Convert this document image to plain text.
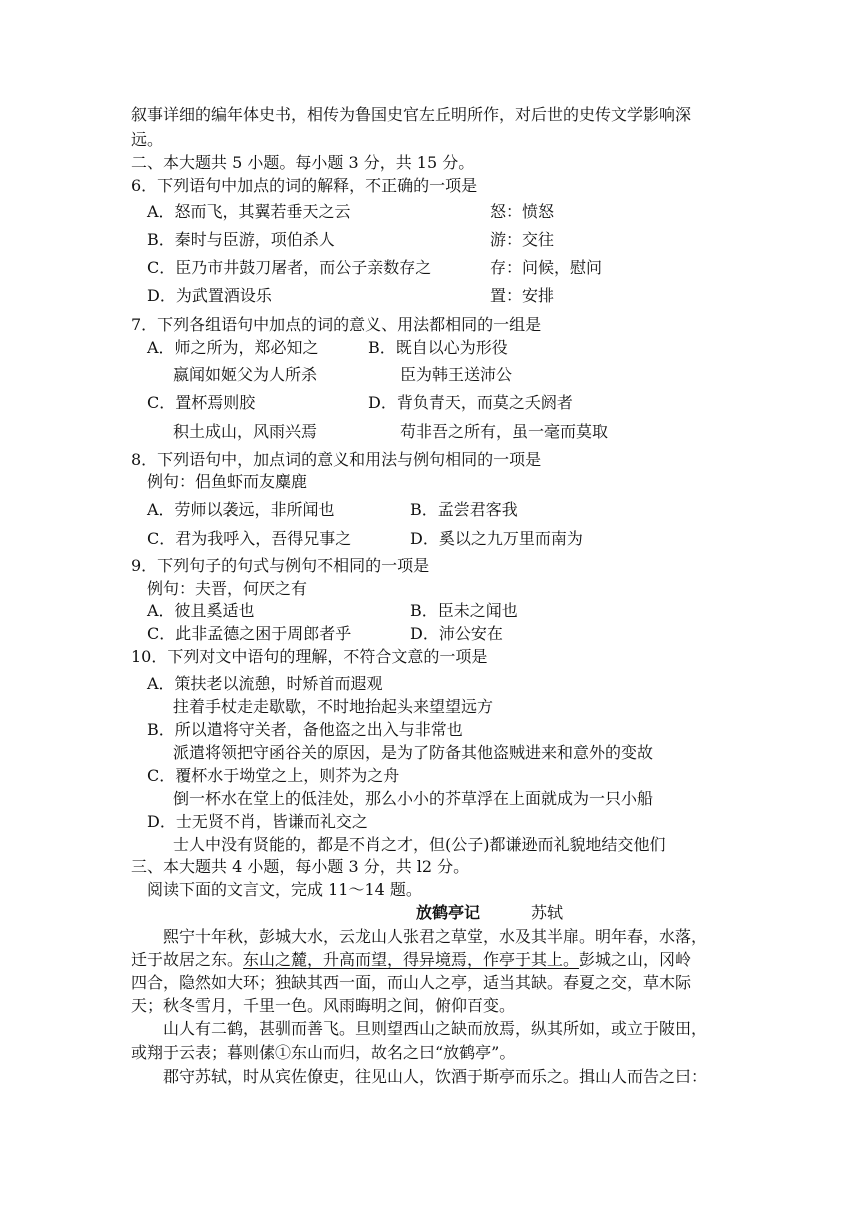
叙事详细的编年体史书，相传为鲁国史官左丘明所作，对后世的史传文学影响深
远。
二、本大题共 5 小题。每小题 3 分，共 15 分。
6．下列语句中加点的词的解释，不正确的一项是
A．怒而飞，其翼若垂天之云	怒：愤怒
B．秦时与臣游，项伯杀人	游：交往
C．臣乃市井鼓刀屠者，而公子亲数存之	存：问候，慰问
D．为武置酒设乐	置：安排
7．下列各组语句中加点的词的意义、用法都相同的一组是
A．师之所为，郑必知之	B．既自以心为形役
嬴闻如姬父为人所杀	臣为韩王送沛公
C．置杯焉则胶	D．背负青天，而莫之夭阏者
积土成山，风雨兴焉	苟非吾之所有，虽一毫而莫取
8．下列语句中，加点词的意义和用法与例句相同的一项是
例句：侣鱼虾而友麋鹿
A．劳师以袭远，非所闻也	B．孟尝君客我
C．君为我呼入，吾得兄事之	D．奚以之九万里而南为
9．下列句子的句式与例句不相同的一项是
例句：夫晋，何厌之有
A．彼且奚适也	B．臣未之闻也
C．此非孟德之困于周郎者乎	D．沛公安在
10．下列对文中语句的理解，不符合文意的一项是
A．策扶老以流憩，时矫首而遐观
拄着手杖走走歇歇，不时地抬起头来望望远方
B．所以遣将守关者，备他盗之出入与非常也
派遣将领把守函谷关的原因，是为了防备其他盗贼进来和意外的变故
C．覆杯水于坳堂之上，则芥为之舟
倒一杯水在堂上的低洼处，那么小小的芥草浮在上面就成为一只小船
D．士无贤不肖，皆谦而礼交之
士人中没有贤能的，都是不肖之才，但(公子)都谦逊而礼貌地结交他们
三、本大题共 4 小题，每小题 3 分，共 l2 分。
阅读下面的文言文，完成 11～14 题。
放鹤亭记	苏轼
熙宁十年秋，彭城大水，云龙山人张君之草堂，水及其半扉。明年春，水落，
迁于故居之东。东山之麓，升高而望，得异境焉，作亭于其上。彭城之山，冈岭
四合，隐然如大环；独缺其西一面，而山人之亭，适当其缺。春夏之交，草木际
天；秋冬雪月，千里一色。风雨晦明之间，俯仰百变。
山人有二鹤，甚驯而善飞。旦则望西山之缺而放焉，纵其所如，或立于陂田，
或翔于云表；暮则傃①东山而归，故名之曰“放鹤亭”。
郡守苏轼，时从宾佐僚吏，往见山人，饮酒于斯亭而乐之。揖山人而告之曰：
